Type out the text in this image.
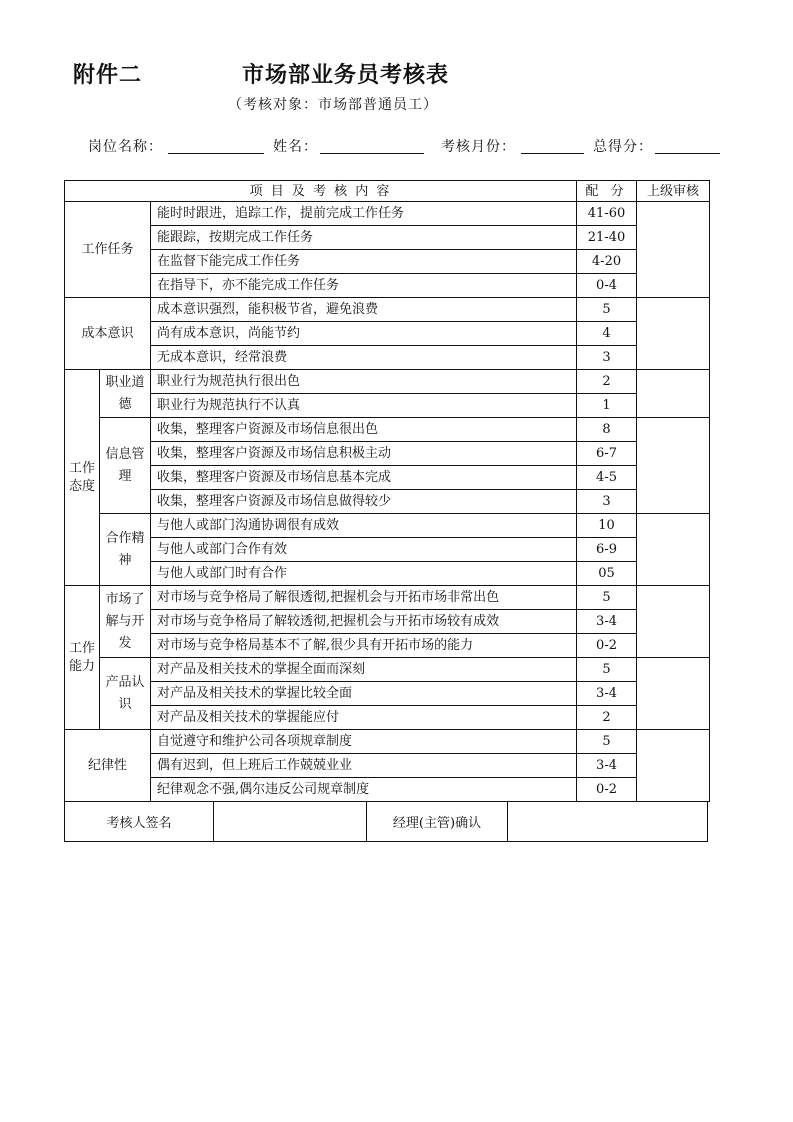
附件二	市场部业务员考核表
（考核对象：市场部普通员工）
岗位名称：	姓名：	考核月份：	总得分：
项 目 及 考 核 内 容			配 分	上级审核
工作任务		能时时跟进，追踪工作，提前完成工作任务	41-60	
		能跟踪，按期完成工作任务	21-40	
		在监督下能完成工作任务	4-20	
		在指导下，亦不能完成工作任务	0-4	
成本意识		成本意识强烈，能积极节省，避免浪费	5	
		尚有成本意识，尚能节约	4	
		无成本意识，经常浪费	3	
工作态度	职业道德	职业行为规范执行很出色	2	
		职业行为规范执行不认真	1	
	信息管理	收集，整理客户资源及市场信息很出色	8	
		收集，整理客户资源及市场信息积极主动	6-7	
		收集，整理客户资源及市场信息基本完成	4-5	
		收集，整理客户资源及市场信息做得较少	3	
	合作精神	与他人或部门沟通协调很有成效	10	
		与他人或部门合作有效	6-9	
		与他人或部门时有合作	05	
工作能力	市场了解与开发	对市场与竞争格局了解很透彻,把握机会与开拓市场非常出色	5	
		对市场与竞争格局了解较透彻,把握机会与开拓市场较有成效	3-4	
		对市场与竞争格局基本不了解,很少具有开拓市场的能力	0-2	
	产品认识	对产品及相关技术的掌握全面而深刻	5	
		对产品及相关技术的掌握比较全面	3-4	
		对产品及相关技术的掌握能应付	2	
纪律性		自觉遵守和维护公司各项规章制度	5	
		偶有迟到，但上班后工作兢兢业业	3-4	
		纪律观念不强,偶尔违反公司规章制度	0-2	
考核人签名		经理(主管)确认	
